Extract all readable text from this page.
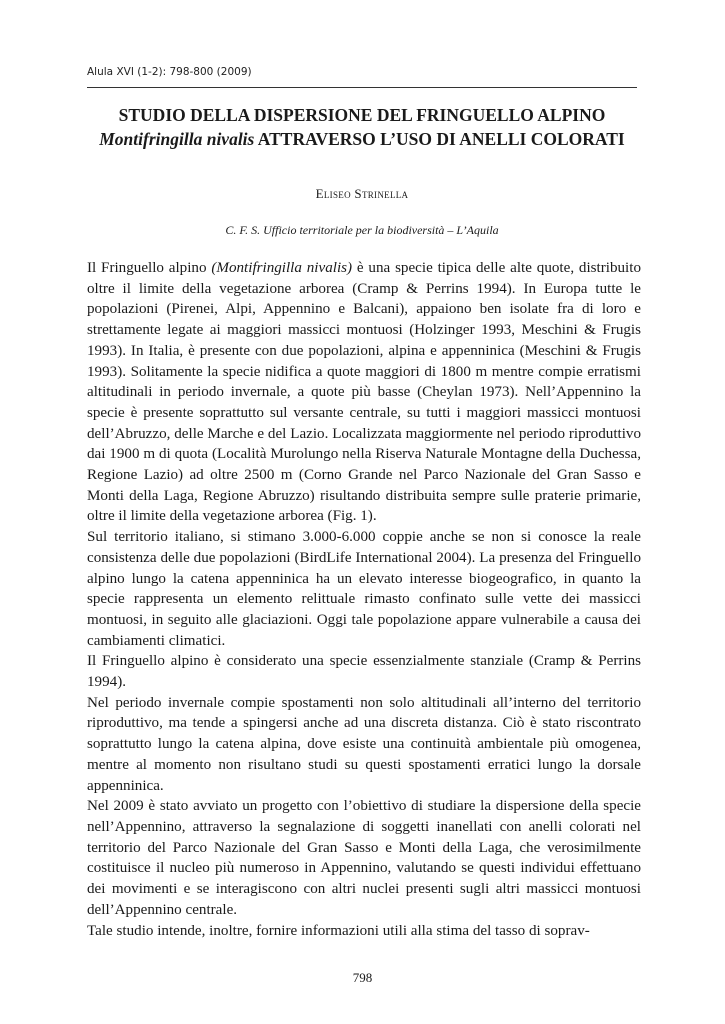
Alula XVI (1-2): 798-800 (2009)
STUDIO DELLA DISPERSIONE DEL FRINGUELLO ALPINO
Montifringilla nivalis ATTRAVERSO L’USO DI ANELLI COLORATI
Eliseo Strinella
C. F. S. Ufficio territoriale per la biodiversità – L’Aquila

Il Fringuello alpino (Montifringilla nivalis) è una specie tipica delle alte quote, distribuito oltre il limite della vegetazione arborea (Cramp & Perrins 1994). In Europa tutte le popolazioni (Pirenei, Alpi, Appennino e Balcani), appaiono ben isolate fra di loro e strettamente legate ai maggiori massicci montuosi (Holzinger 1993, Meschini & Frugis 1993). In Italia, è presente con due popolazioni, alpina e appenninica (Meschini & Frugis 1993). Solitamente la specie nidifica a quote maggiori di 1800 m mentre compie erratismi altitudinali in periodo invernale, a quote più basse (Cheylan 1973). Nell’Appennino la specie è presente soprattutto sul versante centrale, su tutti i maggiori massicci montuosi dell’Abruzzo, delle Marche e del Lazio. Localizzata maggiormente nel periodo riproduttivo dai 1900 m di quota (Località Murolungo nella Riserva Naturale Montagne della Duchessa, Regione Lazio) ad oltre 2500 m (Corno Grande nel Parco Nazionale del Gran Sasso e Monti della Laga, Regione Abruzzo) risultando distribuita sempre sulle praterie primarie, oltre il limite della vegetazione arborea (Fig. 1).

Sul territorio italiano, si stimano 3.000-6.000 coppie anche se non si conosce la reale consistenza delle due popolazioni (BirdLife International 2004). La presenza del Fringuello alpino lungo la catena appenninica ha un elevato interesse biogeografico, in quanto la specie rappresenta un elemento relittuale rimasto confinato sulle vette dei massicci montuosi, in seguito alle glaciazioni. Oggi tale popolazione appare vulnerabile a causa dei cambiamenti climatici.

Il Fringuello alpino è considerato una specie essenzialmente stanziale (Cramp & Perrins 1994).

Nel periodo invernale compie spostamenti non solo altitudinali all’interno del territorio riproduttivo, ma tende a spingersi anche ad una discreta distanza. Ciò è stato riscontrato soprattutto lungo la catena alpina, dove esiste una continuità ambientale più omogenea, mentre al momento non risultano studi su questi spostamenti erratici lungo la dorsale appenninica.

Nel 2009 è stato avviato un progetto con l’obiettivo di studiare la dispersione della specie nell’Appennino, attraverso la segnalazione di soggetti inanellati con anelli colorati nel territorio del Parco Nazionale del Gran Sasso e Monti della Laga, che verosimilmente costituisce il nucleo più numeroso in Appennino, valutando se questi individui effettuano dei movimenti e se interagiscono con altri nuclei presenti sugli altri massicci montuosi dell’Appennino centrale.

Tale studio intende, inoltre, fornire informazioni utili alla stima del tasso di soprav-

798
